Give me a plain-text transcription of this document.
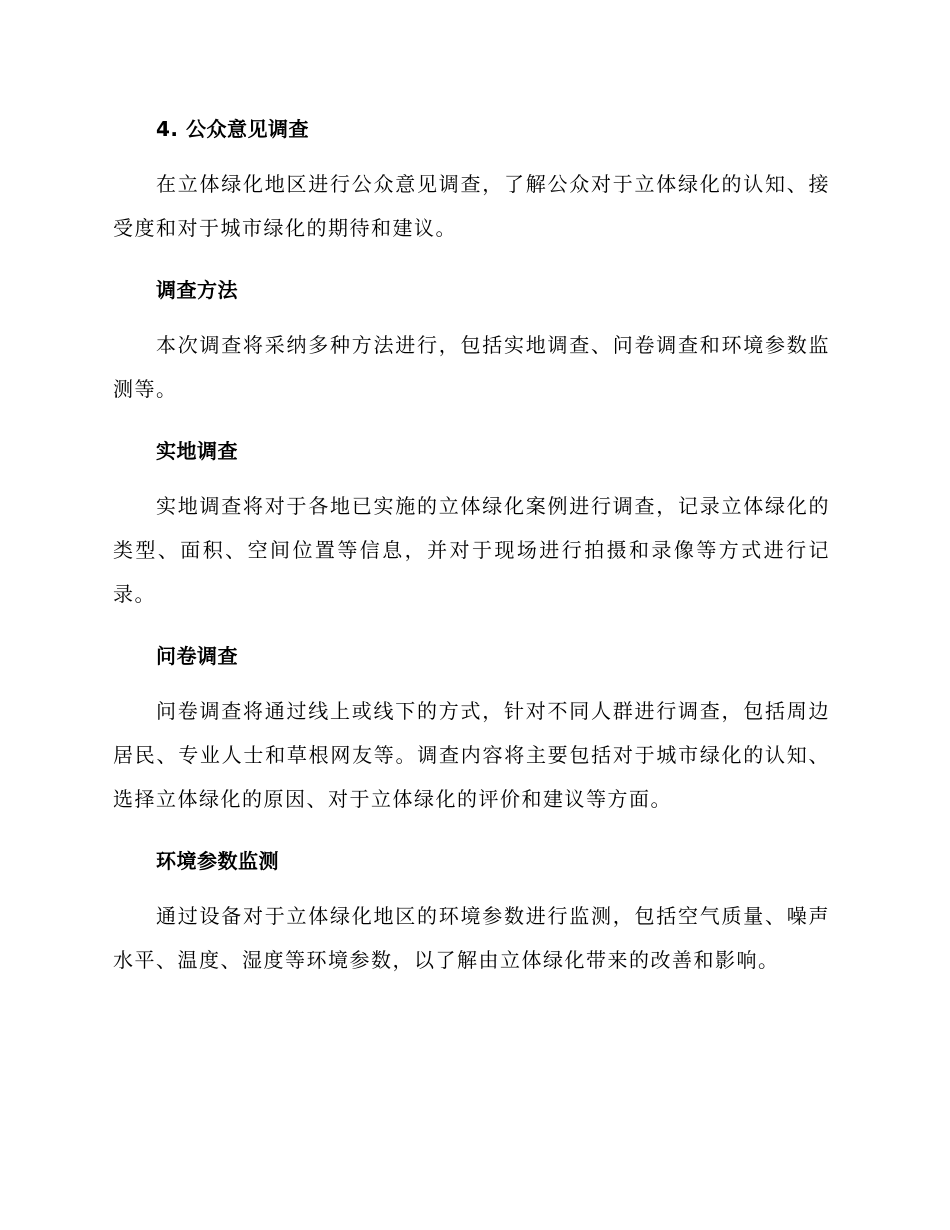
4. 公众意见调查

在立体绿化地区进行公众意见调查，了解公众对于立体绿化的认知、接受度和对于城市绿化的期待和建议。

调查方法

本次调查将采纳多种方法进行，包括实地调查、问卷调查和环境参数监测等。

实地调查

实地调查将对于各地已实施的立体绿化案例进行调查，记录立体绿化的类型、面积、空间位置等信息，并对于现场进行拍摄和录像等方式进行记录。

问卷调查

问卷调查将通过线上或线下的方式，针对不同人群进行调查，包括周边居民、专业人士和草根网友等。调查内容将主要包括对于城市绿化的认知、选择立体绿化的原因、对于立体绿化的评价和建议等方面。

环境参数监测

通过设备对于立体绿化地区的环境参数进行监测，包括空气质量、噪声水平、温度、湿度等环境参数，以了解由立体绿化带来的改善和影响。
